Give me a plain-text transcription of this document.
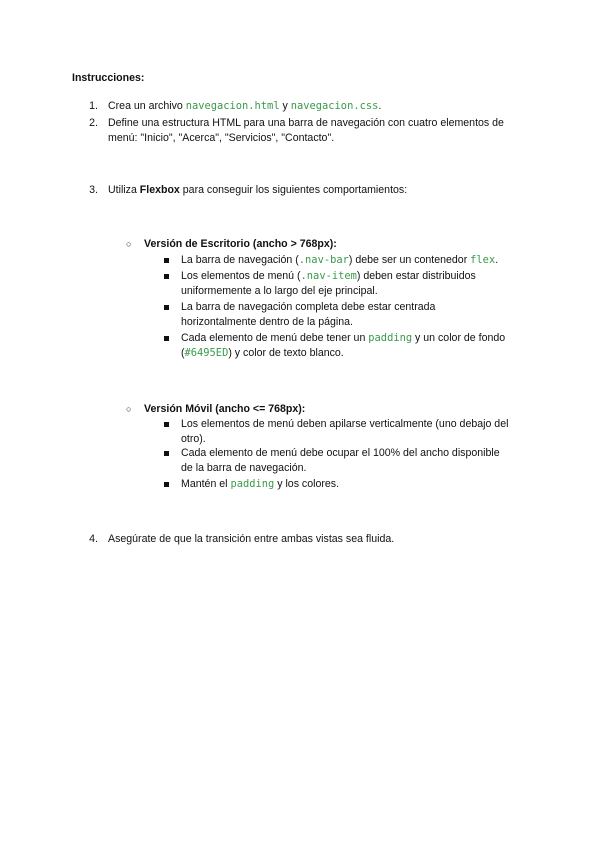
Instrucciones:
1. Crea un archivo navegacion.html y navegacion.css.
2. Define una estructura HTML para una barra de navegación con cuatro elementos de
menú: "Inicio", "Acerca", "Servicios", "Contacto".
3. Utiliza Flexbox para conseguir los siguientes comportamientos:
○ Versión de Escritorio (ancho > 768px):
La barra de navegación (.nav-bar) debe ser un contenedor flex.
Los elementos de menú (.nav-item) deben estar distribuidos
uniformemente a lo largo del eje principal.
La barra de navegación completa debe estar centrada
horizontalmente dentro de la página.
Cada elemento de menú debe tener un padding y un color de fondo
(#6495ED) y color de texto blanco.
○ Versión Móvil (ancho <= 768px):
Los elementos de menú deben apilarse verticalmente (uno debajo del
otro).
Cada elemento de menú debe ocupar el 100% del ancho disponible
de la barra de navegación.
Mantén el padding y los colores.
4. Asegúrate de que la transición entre ambas vistas sea fluida.
